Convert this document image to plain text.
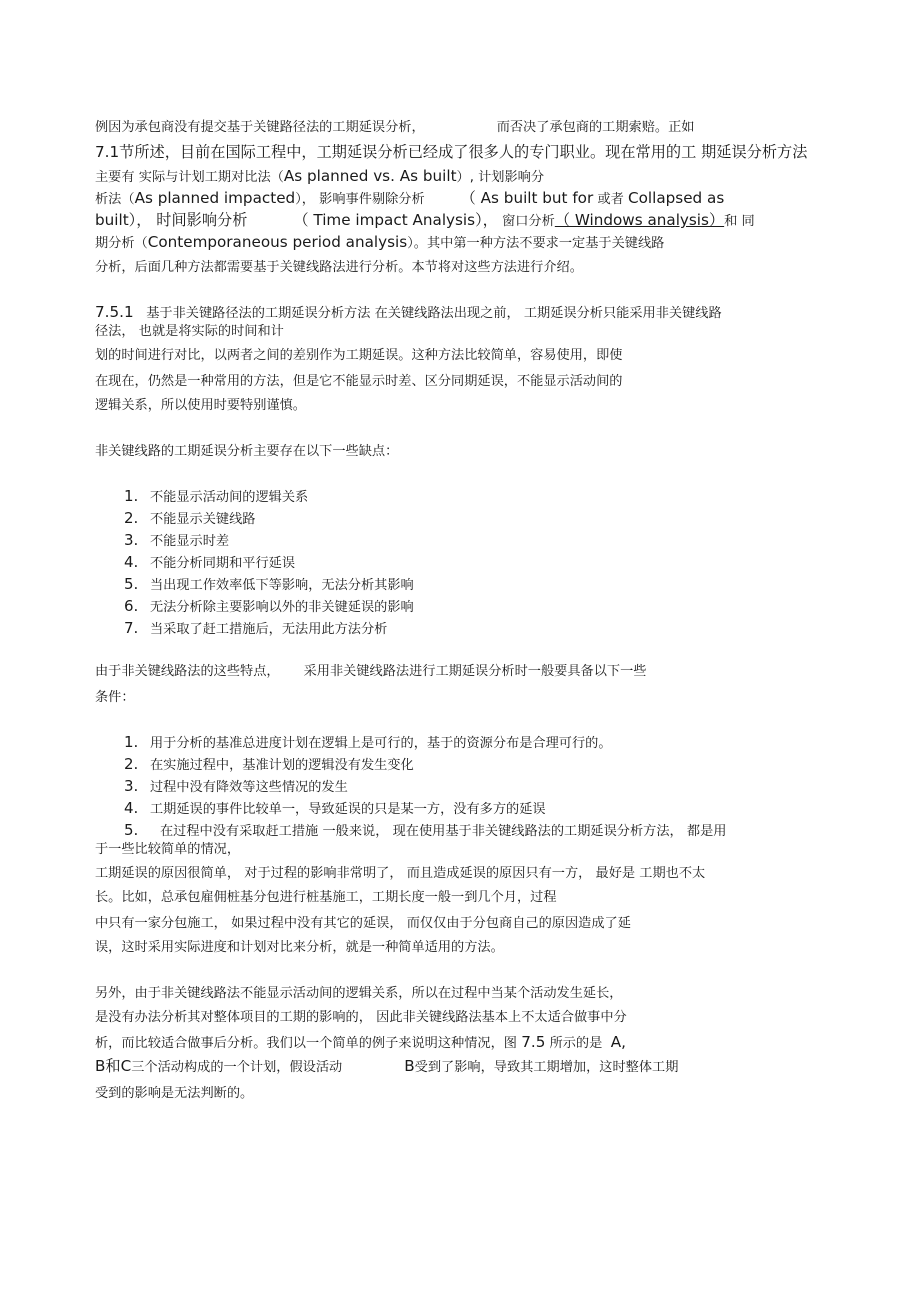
例因为承包商没有提交基于关键路径法的工期延误分析，	而否决了承包商的工期索赔。正如
7.1节所述，目前在国际工程中，工期延误分析已经成了很多人的专门职业。现在常用的工 期延误分析方法
主要有 实际与计划工期对比法（As planned vs. As built）, 计划影响分
析法（As planned impacted）， 影响事件剔除分析 （ As built but for 或者 Collapsed as
built）， 时间影响分析	（ Time impact Analysis）， 窗口分析（ Windows analysis）和 同
期分析（Contemporaneous period analysis）。其中第一种方法不要求一定基于关键线路
分析，后面几种方法都需要基于关键线路法进行分析。本节将对这些方法进行介绍。
7.5.1 基于非关键路径法的工期延误分析方法 在关键线路法出现之前， 工期延误分析只能采用非关键线路
径法， 也就是将实际的时间和计
划的时间进行对比，以两者之间的差别作为工期延误。这种方法比较简单，容易使用，即使
在现在，仍然是一种常用的方法，但是它不能显示时差、区分同期延误，不能显示活动间的
逻辑关系，所以使用时要特别谨慎。
非关键线路的工期延误分析主要存在以下一些缺点：
1. 不能显示活动间的逻辑关系
2. 不能显示关键线路
3. 不能显示时差
4. 不能分析同期和平行延误
5. 当出现工作效率低下等影响，无法分析其影响
6. 无法分析除主要影响以外的非关键延误的影响
7. 当采取了赶工措施后，无法用此方法分析
由于非关键线路法的这些特点， 采用非关键线路法进行工期延误分析时一般要具备以下一些
条件：
1. 用于分析的基准总进度计划在逻辑上是可行的，基于的资源分布是合理可行的。
2. 在实施过程中，基准计划的逻辑没有发生变化
3. 过程中没有降效等这些情况的发生
4. 工期延误的事件比较单一，导致延误的只是某一方，没有多方的延误
5. 在过程中没有采取赶工措施 一般来说， 现在使用基于非关键线路法的工期延误分析方法， 都是用
于一些比较简单的情况，
工期延误的原因很简单， 对于过程的影响非常明了， 而且造成延误的原因只有一方， 最好是 工期也不太
长。比如，总承包雇佣桩基分包进行桩基施工，工期长度一般一到几个月，过程
中只有一家分包施工， 如果过程中没有其它的延误， 而仅仅由于分包商自己的原因造成了延
误，这时采用实际进度和计划对比来分析，就是一种简单适用的方法。
另外，由于非关键线路法不能显示活动间的逻辑关系，所以在过程中当某个活动发生延长，
是没有办法分析其对整体项目的工期的影响的， 因此非关键线路法基本上不太适合做事中分
析，而比较适合做事后分析。我们以一个简单的例子来说明这种情况，图 7.5 所示的是 A,
B和C三个活动构成的一个计划，假设活动	B受到了影响，导致其工期增加，这时整体工期
受到的影响是无法判断的。
